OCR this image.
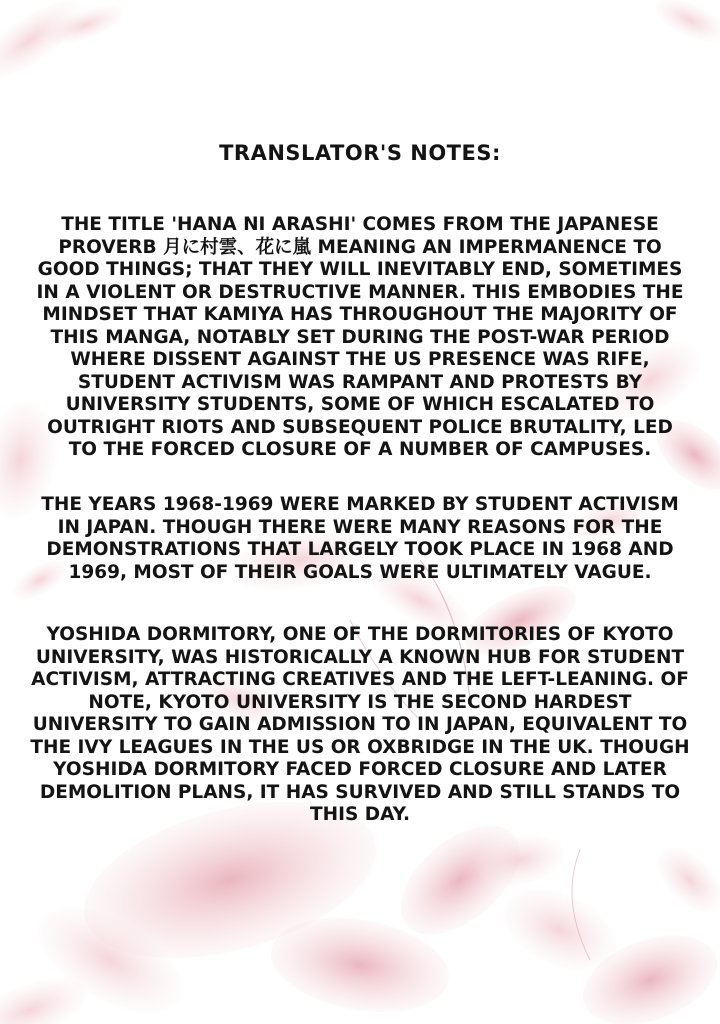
TRANSLATOR'S NOTES:

THE TITLE 'HANA NI ARASHI' COMES FROM THE JAPANESE PROVERB 月に村雲、花に嵐 MEANING AN IMPERMANENCE TO GOOD THINGS; THAT THEY WILL INEVITABLY END, SOMETIMES IN A VIOLENT OR DESTRUCTIVE MANNER. THIS EMBODIES THE MINDSET THAT KAMIYA HAS THROUGHOUT THE MAJORITY OF THIS MANGA, NOTABLY SET DURING THE POST-WAR PERIOD WHERE DISSENT AGAINST THE US PRESENCE WAS RIFE, STUDENT ACTIVISM WAS RAMPANT AND PROTESTS BY UNIVERSITY STUDENTS, SOME OF WHICH ESCALATED TO OUTRIGHT RIOTS AND SUBSEQUENT POLICE BRUTALITY, LED TO THE FORCED CLOSURE OF A NUMBER OF CAMPUSES.

THE YEARS 1968-1969 WERE MARKED BY STUDENT ACTIVISM IN JAPAN. THOUGH THERE WERE MANY REASONS FOR THE DEMONSTRATIONS THAT LARGELY TOOK PLACE IN 1968 AND 1969, MOST OF THEIR GOALS WERE ULTIMATELY VAGUE.

YOSHIDA DORMITORY, ONE OF THE DORMITORIES OF KYOTO UNIVERSITY, WAS HISTORICALLY A KNOWN HUB FOR STUDENT ACTIVISM, ATTRACTING CREATIVES AND THE LEFT-LEANING. OF NOTE, KYOTO UNIVERSITY IS THE SECOND HARDEST UNIVERSITY TO GAIN ADMISSION TO IN JAPAN, EQUIVALENT TO THE IVY LEAGUES IN THE US OR OXBRIDGE IN THE UK. THOUGH YOSHIDA DORMITORY FACED FORCED CLOSURE AND LATER DEMOLITION PLANS, IT HAS SURVIVED AND STILL STANDS TO THIS DAY.
